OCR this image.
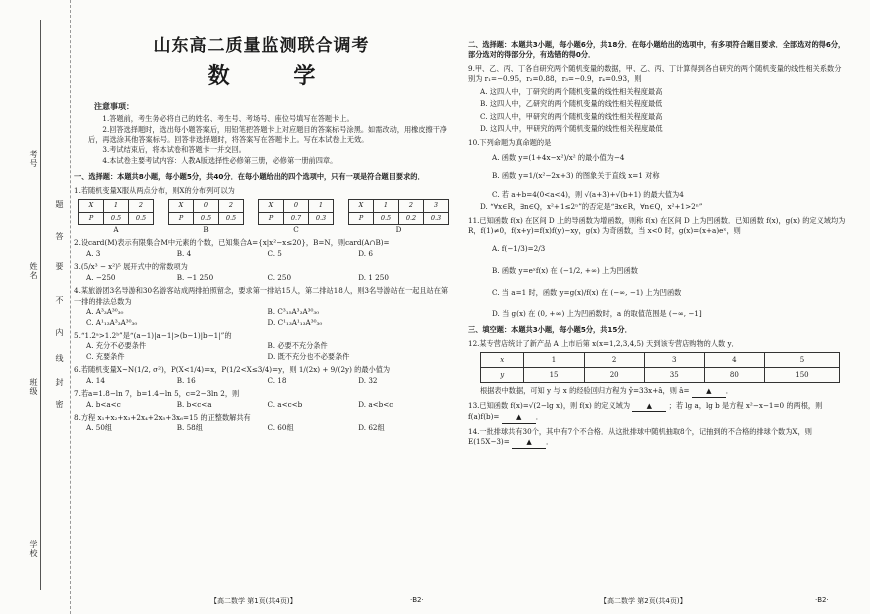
考号
姓名
班级
学校
题
答
要
不
内
线
封
密
山东高二质量监测联合调考
数 学
注意事项：

1.答题前，考生务必将自己的姓名、考生号、考场号、座位号填写在答题卡上。

2.回答选择题时，选出每小题答案后，用铅笔把答题卡上对应题目的答案标号涂黑。如需改动，用橡皮擦干净后，再选涂其他答案标号。回答非选择题时，将答案写在答题卡上。写在本试卷上无效。

3.考试结束后，将本试卷和答题卡一并交回。

4.本试卷主要考试内容：人教A版选择性必修第三册，必修第一册前四章。

一、选择题：本题共8小题，每小题5分，共40分．在每小题给出的四个选项中，只有一项是符合题目要求的．
1.若随机变量X服从两点分布，则X的分布列可以为
X	1	2
P	0.5	0.5
A
X	0	2
P	0.5	0.5
B
X	0	1
P	0.7	0.3
C
X	1	2	3
P	0.5	0.2	0.3
D
2.设card(M)表示有限集合M中元素的个数，已知集合A={x|x²−x≤20}，B=N，则card(A∩B)=
A. 3	B. 4	C. 5	D. 6
3.(5/x³ − x²)⁵ 展开式中的常数项为
A. −250	B. −1 250	C. 250	D. 1 250
4.某旅游团3名导游和30名游客站成两排拍照留念，要求第一排站15人，第二排站18人，则3名导游站在一起且站在第一排的排法总数为
A. A³₃A³⁰₃₀	B. C³₁₅A³₃A³⁰₃₀
C. A¹₁₃A³₃A³⁰₃₀	D. C¹₁₃A¹₁₃A³⁰₃₀
5.“1.2ᵃ>1.2ᵇ”是“(a−1)|a−1|>(b−1)|b−1|”的
A. 充分不必要条件	B. 必要不充分条件
C. 充要条件	D. 既不充分也不必要条件
6.若随机变量X~N(1/2, σ²)，P(X<1/4)=x，P(1/2<X≤3/4)=y，则 1/(2x) + 9/(2y) 的最小值为
A. 14	B. 16	C. 18	D. 32
7.若a=1.8−ln 7，b=1.4−ln 5，c=2−3ln 2，则
A. b<a<c	B. b<c<a	C. a<c<b	D. a<b<c
8.方程 x₁+x₂+x₃+2x₄+2x₅+3x₆=15 的正整数解共有
A. 50组	B. 58组	C. 60组	D. 62组
【高二数学 第1页(共4页)】	·B2·
二、选择题：本题共3小题，每小题6分，共18分．在每小题给出的选项中，有多项符合题目要求．全部选对的得6分，部分选对的得部分分，有选错的得0分．
9.甲、乙、丙、丁各自研究两个随机变量的数据，甲、乙、丙、丁计算得到各自研究的两个随机变量的线性相关系数分别为 r₁=−0.95，r₂=0.88，r₃=−0.9，r₄=0.93，则
A. 这四人中，丁研究的两个随机变量的线性相关程度最高
B. 这四人中，乙研究的两个随机变量的线性相关程度最低
C. 这四人中，甲研究的两个随机变量的线性相关程度最高
D. 这四人中，甲研究的两个随机变量的线性相关程度最低
10.下列命题为真命题的是
A. 函数 y=(1+4x−x²)/x² 的最小值为−4
B. 函数 y=1/(x²−2x+3) 的图象关于直线 x=1 对称
C. 若 a+b=4(0<a<4)，则 √(a+3)+√(b+1) 的最大值为4
D. “∀x∈R，∃n∈Q，x²+1≤2ⁿ”的否定是“∃x∈R，∀n∈Q，x²+1>2ⁿ”
11.已知函数 f(x) 在区间 D 上的导函数为增函数，则称 f(x) 在区间 D 上为凹函数．已知函数 f(x)，g(x) 的定义域均为 R，f(1)≠0，f(x+y)=f(x)f(y)−xy，g(x) 为奇函数，当 x<0 时，g(x)=(x+a)eˣ，则
A. f(−1/3)=2/3
B. 函数 y=eˣf(x) 在 (−1/2, +∞) 上为凹函数
C. 当 a=1 时，函数 y=g(x)/f(x) 在 (−∞, −1) 上为凹函数
D. 当 g(x) 在 (0, +∞) 上为凹函数时，a 的取值范围是 (−∞, −1]
三、填空题：本题共3小题，每小题5分，共15分．
12.某专营店统计了新产品 A 上市后第 x(x=1,2,3,4,5) 天到该专营店购物的人数 y．
x	1	2	3	4	5
y	15	20	35	80	150
根据表中数据，可知 y 与 x 的经验回归方程为 ŷ=33x+â，则 â= ▲ ．
13.已知函数 f(x)=√(2−lg x)，则 f(x) 的定义域为 ▲ ；若 lg a，lg b 是方程 x²−x−1=0 的两根，则 f(a)f(b)= ▲ ．
14.一批排球共有30个，其中有7个不合格．从这批排球中随机抽取8个，记抽到的不合格的排球个数为X，则 E(15X−3)= ▲ ．
【高二数学 第2页(共4页)】	·B2·
